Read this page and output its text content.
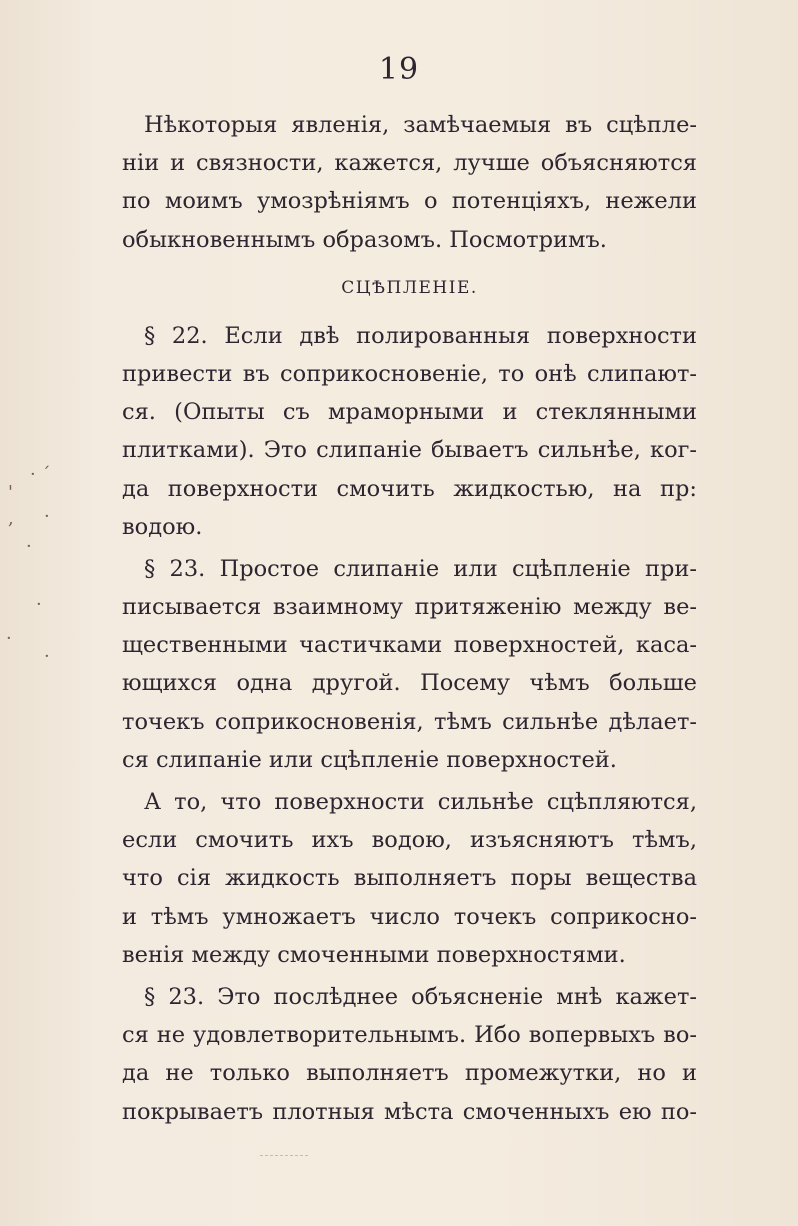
19
· ˊ
'
, ·
·
·
·
·
Нѣкоторыя явленія, замѣчаемыя въ сцѣпле-
ніи и связности, кажется, лучше объясняются
по моимъ умозрѣніямъ о потенціяхъ, нежели
обыкновеннымъ образомъ. Посмотримъ.
СЦѢПЛЕНІЕ.
§ 22. Если двѣ полированныя поверхности
привести въ соприкосновеніе, то онѣ слипают-
ся. (Опыты съ мраморными и стеклянными
плитками). Это слипаніе бываетъ сильнѣе, ког-
да поверхности смочить жидкостью, на пр:
водою.
§ 23. Простое слипаніе или сцѣпленіе при-
писывается взаимному притяженію между ве-
щественными частичками поверхностей, каса-
ющихся одна другой. Посему чѣмъ больше
точекъ соприкосновенія, тѣмъ сильнѣе дѣлает-
ся слипаніе или сцѣпленіе поверхностей.
А то, что поверхности сильнѣе сцѣпляются,
если смочить ихъ водою, изъясняютъ тѣмъ,
что сія жидкость выполняетъ поры вещества
и тѣмъ умножаетъ число точекъ соприкосно-
венія между смоченными поверхностями.
§ 23. Это послѣднее объясненіе мнѣ кажет-
ся не удовлетворительнымъ. Ибо вопервыхъ во-
да не только выполняетъ промежутки, но и
покрываетъ плотныя мѣста смоченныхъ ею по-
